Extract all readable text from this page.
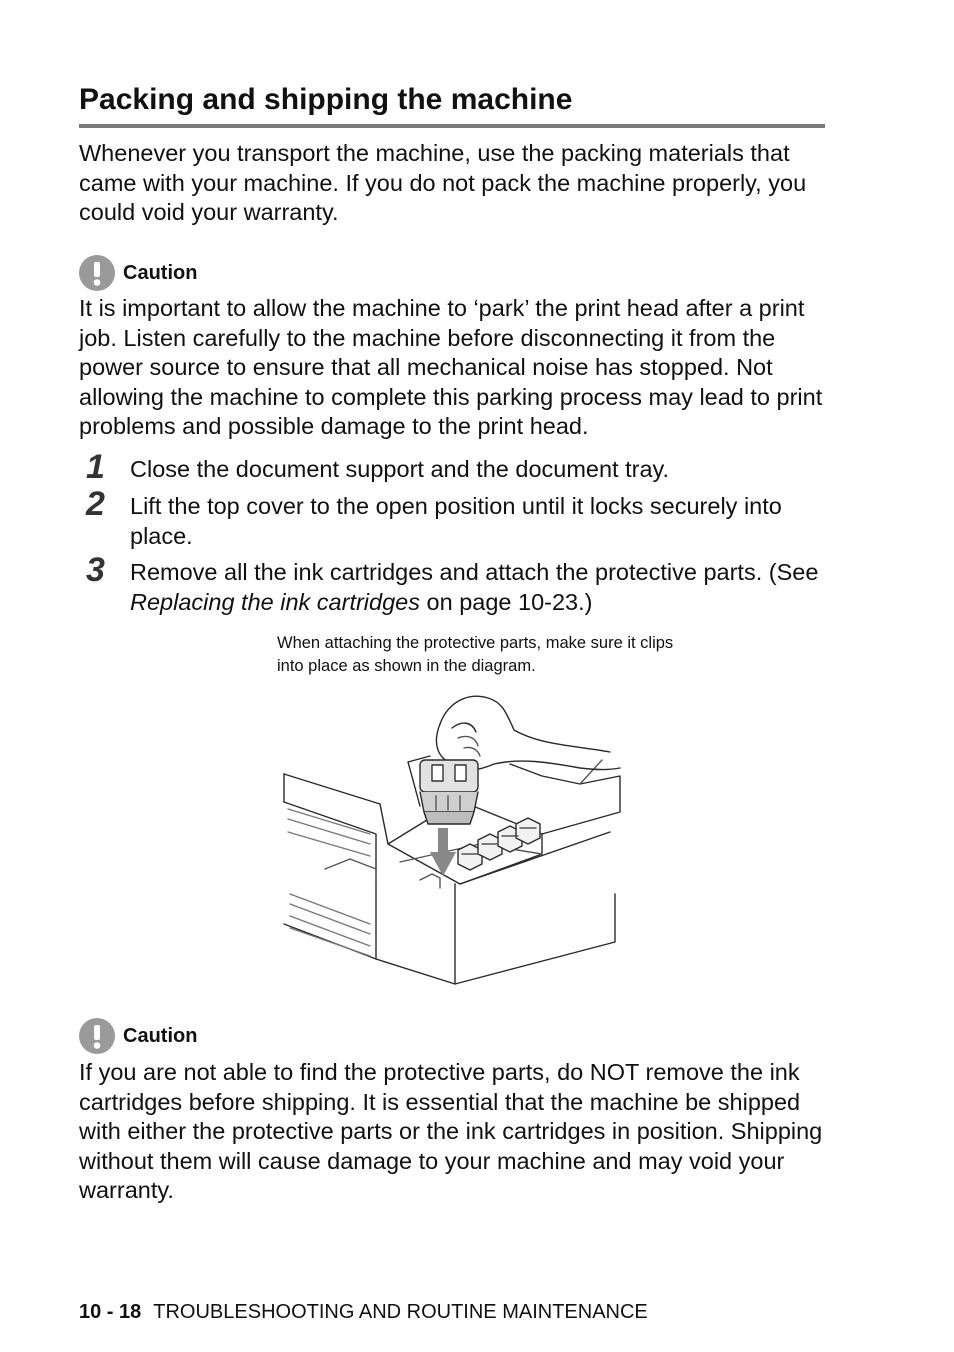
Packing and shipping the machine

Whenever you transport the machine, use the packing materials that came with your machine. If you do not pack the machine properly, you could void your warranty.

Caution

It is important to allow the machine to ‘park’ the print head after a print job. Listen carefully to the machine before disconnecting it from the power source to ensure that all mechanical noise has stopped. Not allowing the machine to complete this parking process may lead to print problems and possible damage to the print head.

1	Close the document support and the document tray.

2	Lift the top cover to the open position until it locks securely into place.

3	Remove all the ink cartridges and attach the protective parts. (See Replacing the ink cartridges on page 10-23.)

When attaching the protective parts, make sure it clips into place as shown in the diagram.

Caution

If you are not able to find the protective parts, do NOT remove the ink cartridges before shipping. It is essential that the machine be shipped with either the protective parts or the ink cartridges in position. Shipping without them will cause damage to your machine and may void your warranty.

10 - 18 TROUBLESHOOTING AND ROUTINE MAINTENANCE
